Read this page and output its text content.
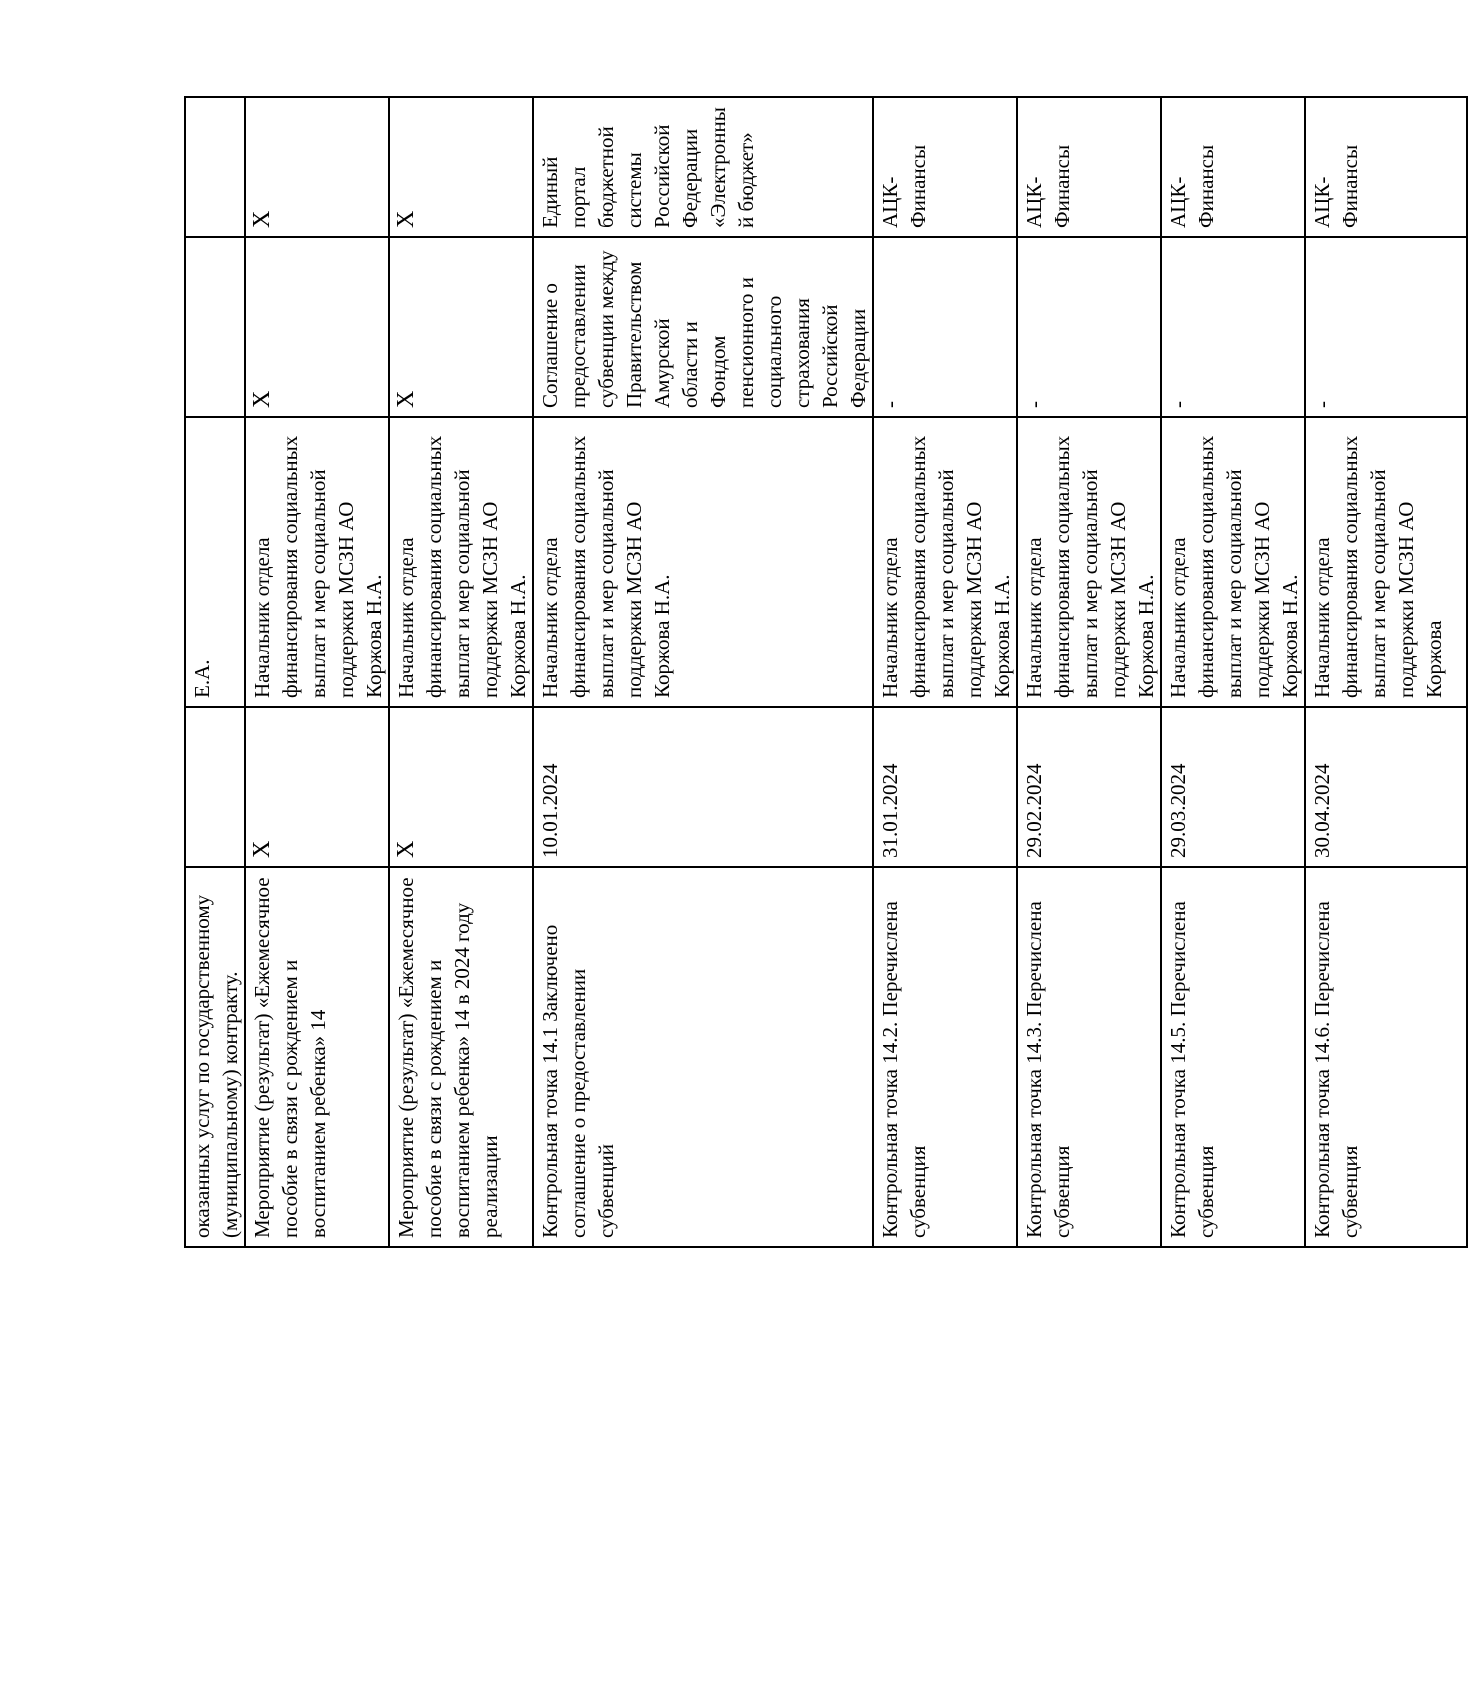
оказанных услуг по государственному (муниципальному) контракту.		Е.А.		
Мероприятие (результат) «Ежемесячное пособие в связи с рождением и воспитанием ребенка» 14	Х	Начальник отдела финансирования социальных выплат и мер социальной поддержки МСЗН АО Коржова Н.А.	Х	Х
Мероприятие (результат) «Ежемесячное пособие в связи с рождением и воспитанием ребенка» 14 в 2024 году реализации	Х	Начальник отдела финансирования социальных выплат и мер социальной поддержки МСЗН АО Коржова Н.А.	Х	Х
Контрольная точка 14.1 Заключено соглашение о предоставлении субвенций	10.01.2024	Начальник отдела финансирования социальных выплат и мер социальной поддержки МСЗН АО Коржова Н.А.	Соглашение о предоставлении субвенции между Правительством Амурской области и Фондом пенсионного и социального страхования Российской Федерации	Единый портал бюджетной системы Российской Федерации «Электронный бюджет»
Контрольная точка 14.2. Перечислена субвенция	31.01.2024	Начальник отдела финансирования социальных выплат и мер социальной поддержки МСЗН АО Коржова Н.А.	-	АЦК-Финансы
Контрольная точка 14.3. Перечислена субвенция	29.02.2024	Начальник отдела финансирования социальных выплат и мер социальной поддержки МСЗН АО Коржова Н.А.	-	АЦК-Финансы
Контрольная точка 14.5. Перечислена субвенция	29.03.2024	Начальник отдела финансирования социальных выплат и мер социальной поддержки МСЗН АО Коржова Н.А.	-	АЦК-Финансы
Контрольная точка 14.6. Перечислена субвенция	30.04.2024	Начальник отдела финансирования социальных выплат и мер социальной поддержки МСЗН АО Коржова	-	АЦК-Финансы
